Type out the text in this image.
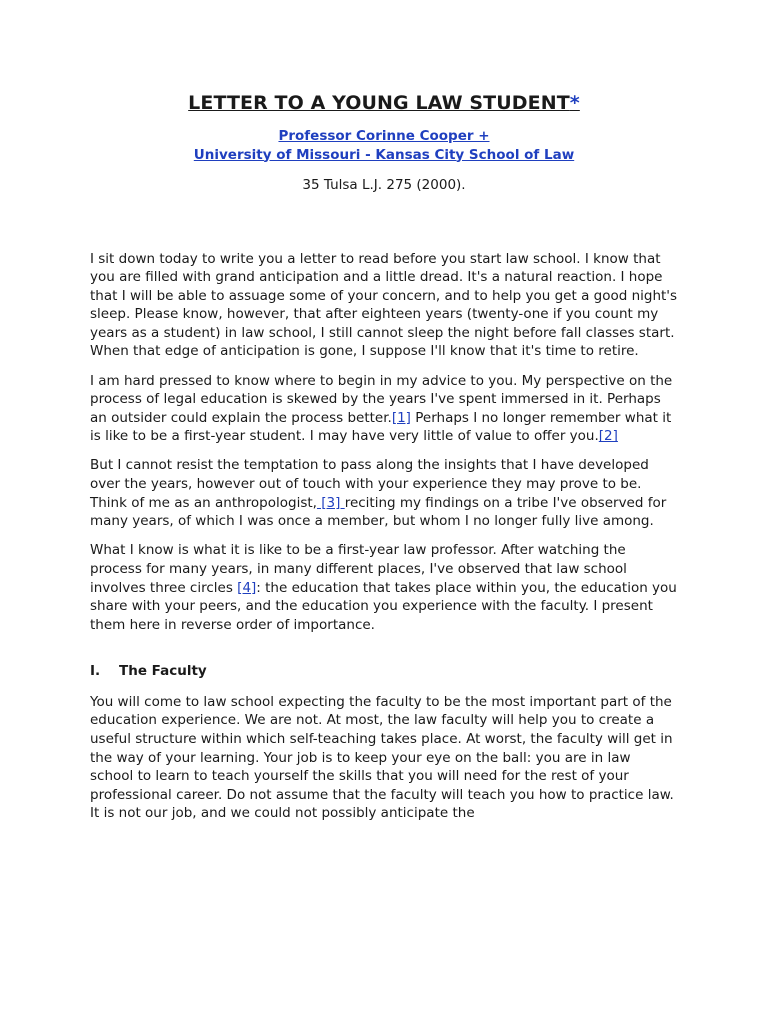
LETTER TO A YOUNG LAW STUDENT*
Professor Corinne Cooper +
University of Missouri - Kansas City School of Law
35 Tulsa L.J. 275 (2000).

I sit down today to write you a letter to read before you start law school. I know that you are filled with grand anticipation and a little dread. It's a natural reaction. I hope that I will be able to assuage some of your concern, and to help you get a good night's sleep. Please know, however, that after eighteen years (twenty-one if you count my years as a student) in law school, I still cannot sleep the night before fall classes start. When that edge of anticipation is gone, I suppose I'll know that it's time to retire.

I am hard pressed to know where to begin in my advice to you. My perspective on the process of legal education is skewed by the years I've spent immersed in it. Perhaps an outsider could explain the process better.[1] Perhaps I no longer remember what it is like to be a first-year student. I may have very little of value to offer you.[2]

But I cannot resist the temptation to pass along the insights that I have developed over the years, however out of touch with your experience they may prove to be. Think of me as an anthropologist, [3] reciting my findings on a tribe I've observed for many years, of which I was once a member, but whom I no longer fully live among.

What I know is what it is like to be a first-year law professor. After watching the process for many years, in many different places, I've observed that law school involves three circles [4]: the education that takes place within you, the education you share with your peers, and the education you experience with the faculty. I present them here in reverse order of importance.

I. The Faculty

You will come to law school expecting the faculty to be the most important part of the education experience. We are not. At most, the law faculty will help you to create a useful structure within which self-teaching takes place. At worst, the faculty will get in the way of your learning. Your job is to keep your eye on the ball: you are in law school to learn to teach yourself the skills that you will need for the rest of your professional career. Do not assume that the faculty will teach you how to practice law. It is not our job, and we could not possibly anticipate the
